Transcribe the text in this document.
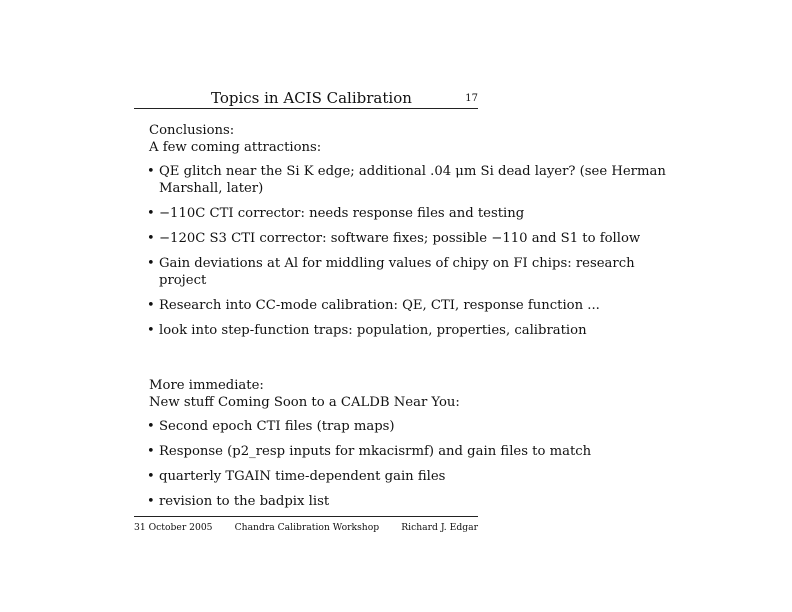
Topics in ACIS Calibration	17
Conclusions:
A few coming attractions:
• QE glitch near the Si K edge; additional .04 μm Si dead layer? (see Herman Marshall, later)
• −110C CTI corrector: needs response files and testing
• −120C S3 CTI corrector: software fixes; possible −110 and S1 to follow
• Gain deviations at Al for middling values of chipy on FI chips: research project
• Research into CC-mode calibration: QE, CTI, response function ...
• look into step-function traps: population, properties, calibration
More immediate:
New stuff Coming Soon to a CALDB Near You:
• Second epoch CTI files (trap maps)
• Response (p2_resp inputs for mkacisrmf) and gain files to match
• quarterly TGAIN time-dependent gain files
• revision to the badpix list
31 October 2005 Chandra Calibration Workshop Richard J. Edgar
